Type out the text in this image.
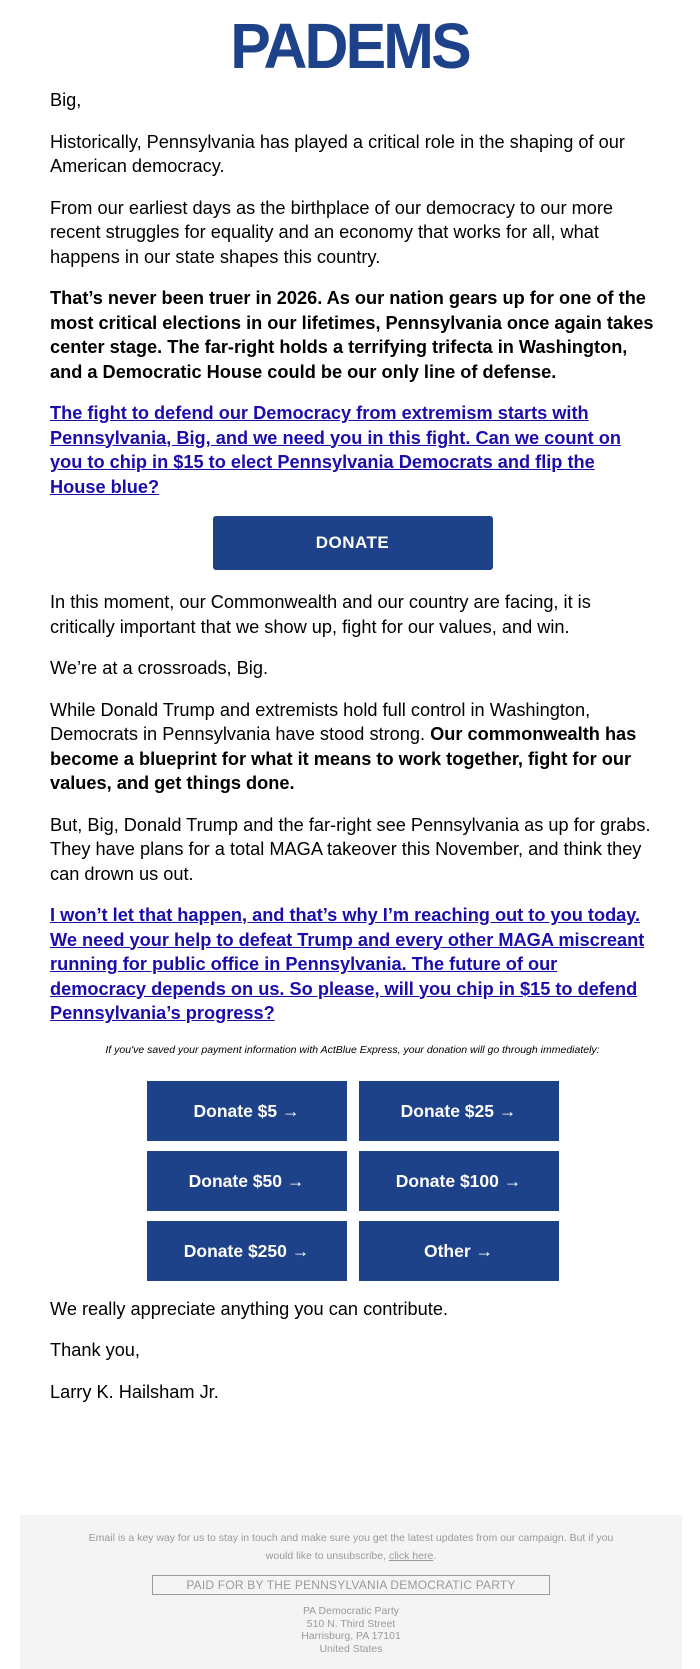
PADEMS

Big,

Historically, Pennsylvania has played a critical role in the shaping of our American democracy.

From our earliest days as the birthplace of our democracy to our more recent struggles for equality and an economy that works for all, what happens in our state shapes this country.

That’s never been truer in 2026. As our nation gears up for one of the most critical elections in our lifetimes, Pennsylvania once again takes center stage. The far-right holds a terrifying trifecta in Washington, and a Democratic House could be our only line of defense.

The fight to defend our Democracy from extremism starts with Pennsylvania, Big, and we need you in this fight. Can we count on you to chip in $15 to elect Pennsylvania Democrats and flip the House blue?

DONATE

In this moment, our Commonwealth and our country are facing, it is critically important that we show up, fight for our values, and win.

We’re at a crossroads, Big.

While Donald Trump and extremists hold full control in Washington, Democrats in Pennsylvania have stood strong. Our commonwealth has become a blueprint for what it means to work together, fight for our values, and get things done.

But, Big, Donald Trump and the far-right see Pennsylvania as up for grabs. They have plans for a total MAGA takeover this November, and think they can drown us out.

I won’t let that happen, and that’s why I’m reaching out to you today. We need your help to defeat Trump and every other MAGA miscreant running for public office in Pennsylvania. The future of our democracy depends on us. So please, will you chip in $15 to defend Pennsylvania’s progress?

If you've saved your payment information with ActBlue Express, your donation will go through immediately:
Donate $5 →	Donate $25 →
Donate $50 →	Donate $100 →
Donate $250 →	Other →

We really appreciate anything you can contribute.

Thank you,

Larry K. Hailsham Jr.

Email is a key way for us to stay in touch and make sure you get the latest updates from our campaign. But if you would like to unsubscribe, click here.
PAID FOR BY THE PENNSYLVANIA DEMOCRATIC PARTY
PA Democratic Party
510 N. Third Street
Harrisburg, PA 17101
United States
